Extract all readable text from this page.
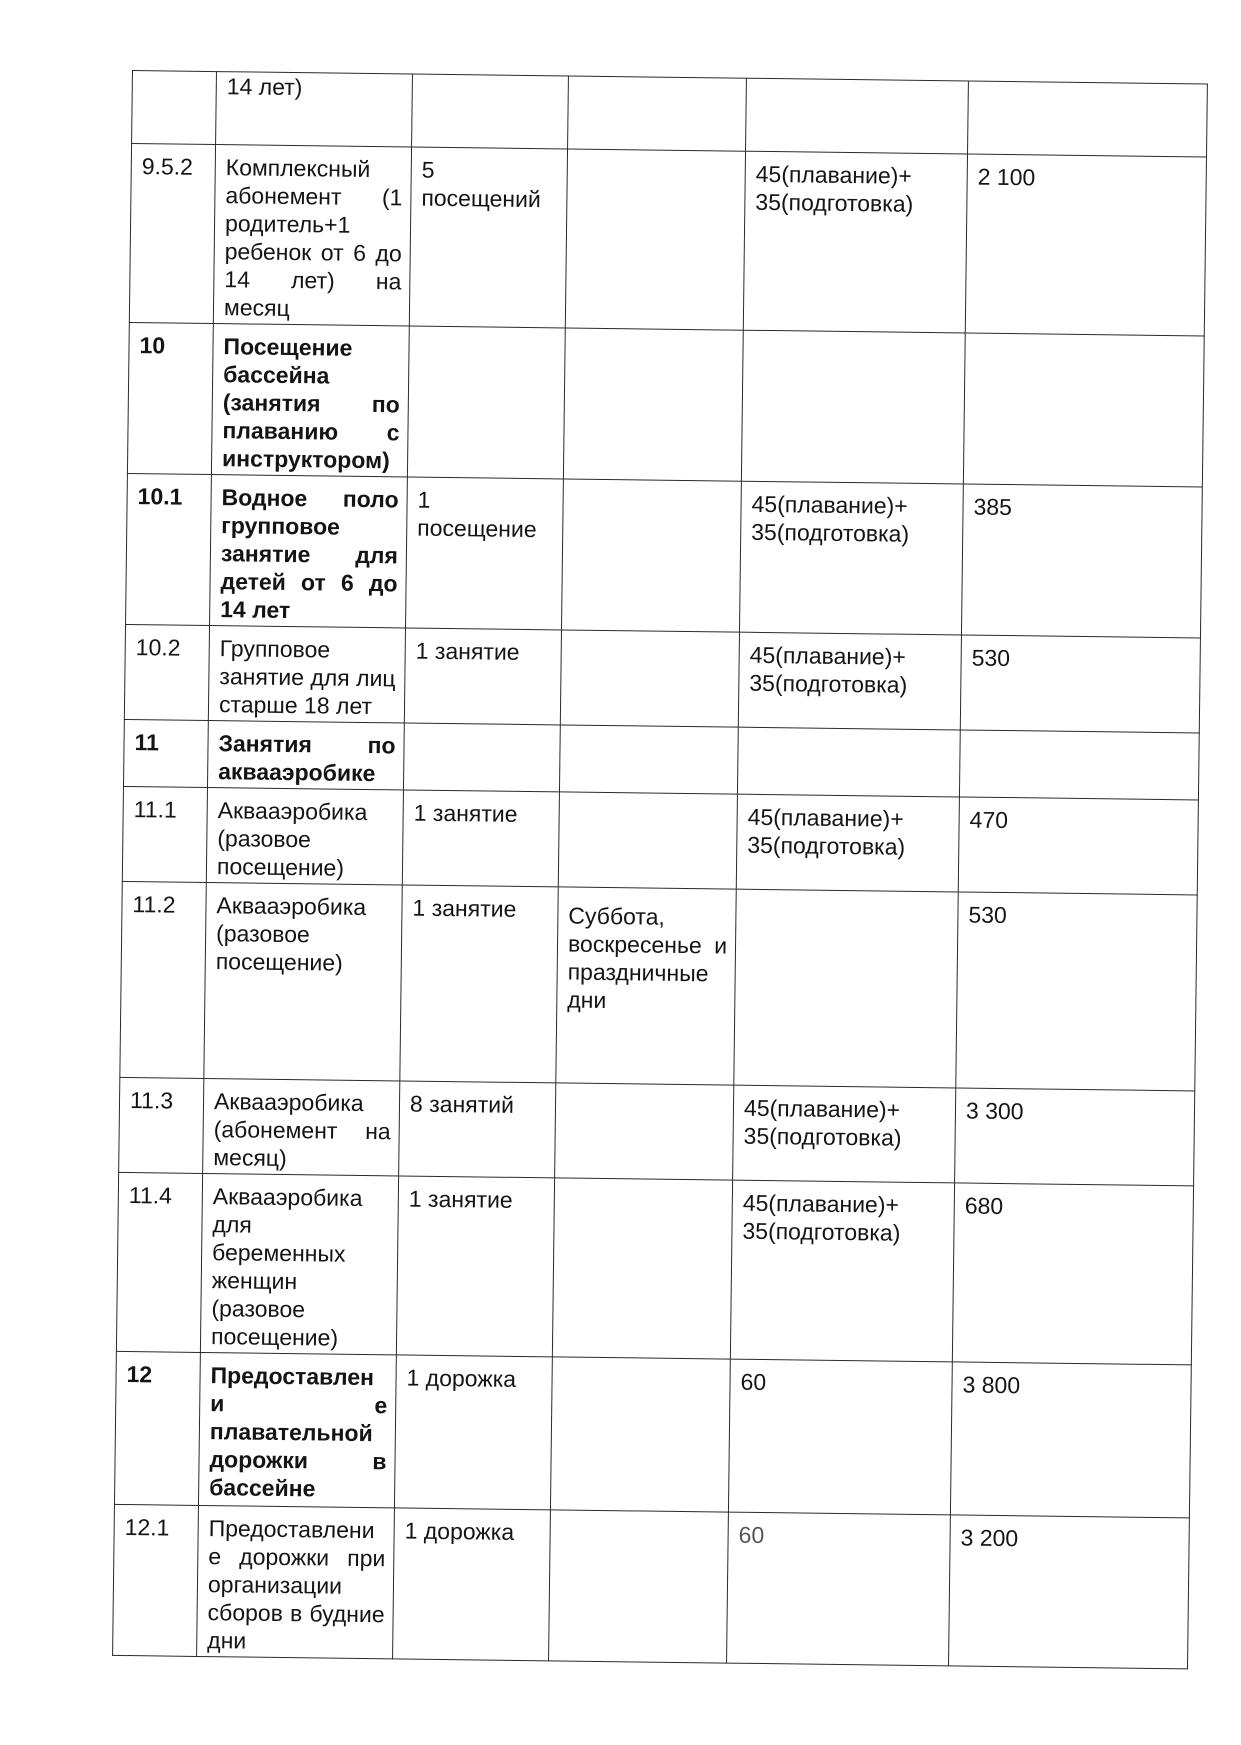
	14 лет)				
9.5.2	Комплексный абонемент (1 родитель+1 ребенок от 6 до 14 лет) на месяц	5 посещений		45(плавание)+ 35(подготовка)	2 100
10	Посещение бассейна (занятия по плаванию с инструктором)				
10.1	Водное поло групповое занятие для детей от 6 до 14 лет	1 посещение		45(плавание)+ 35(подготовка)	385
10.2	Групповое занятие для лиц старше 18 лет	1 занятие		45(плавание)+ 35(подготовка)	530
11	Занятия по аквааэробике				
11.1	Аквааэробика (разовое посещение)	1 занятие		45(плавание)+ 35(подготовка)	470
11.2	Аквааэробика (разовое посещение)	1 занятие	Суббота, воскресенье и праздничные дни		530
11.3	Аквааэробика (абонемент на месяц)	8 занятий		45(плавание)+ 35(подготовка)	3 300
11.4	Аквааэробика для беременных женщин (разовое посещение)	1 занятие		45(плавание)+ 35(подготовка)	680
12	Предоставлени е плавательной дорожки в бассейне	1 дорожка		60	3 800
12.1	Предоставление дорожки при организации сборов в будние дни	1 дорожка		60	3 200
